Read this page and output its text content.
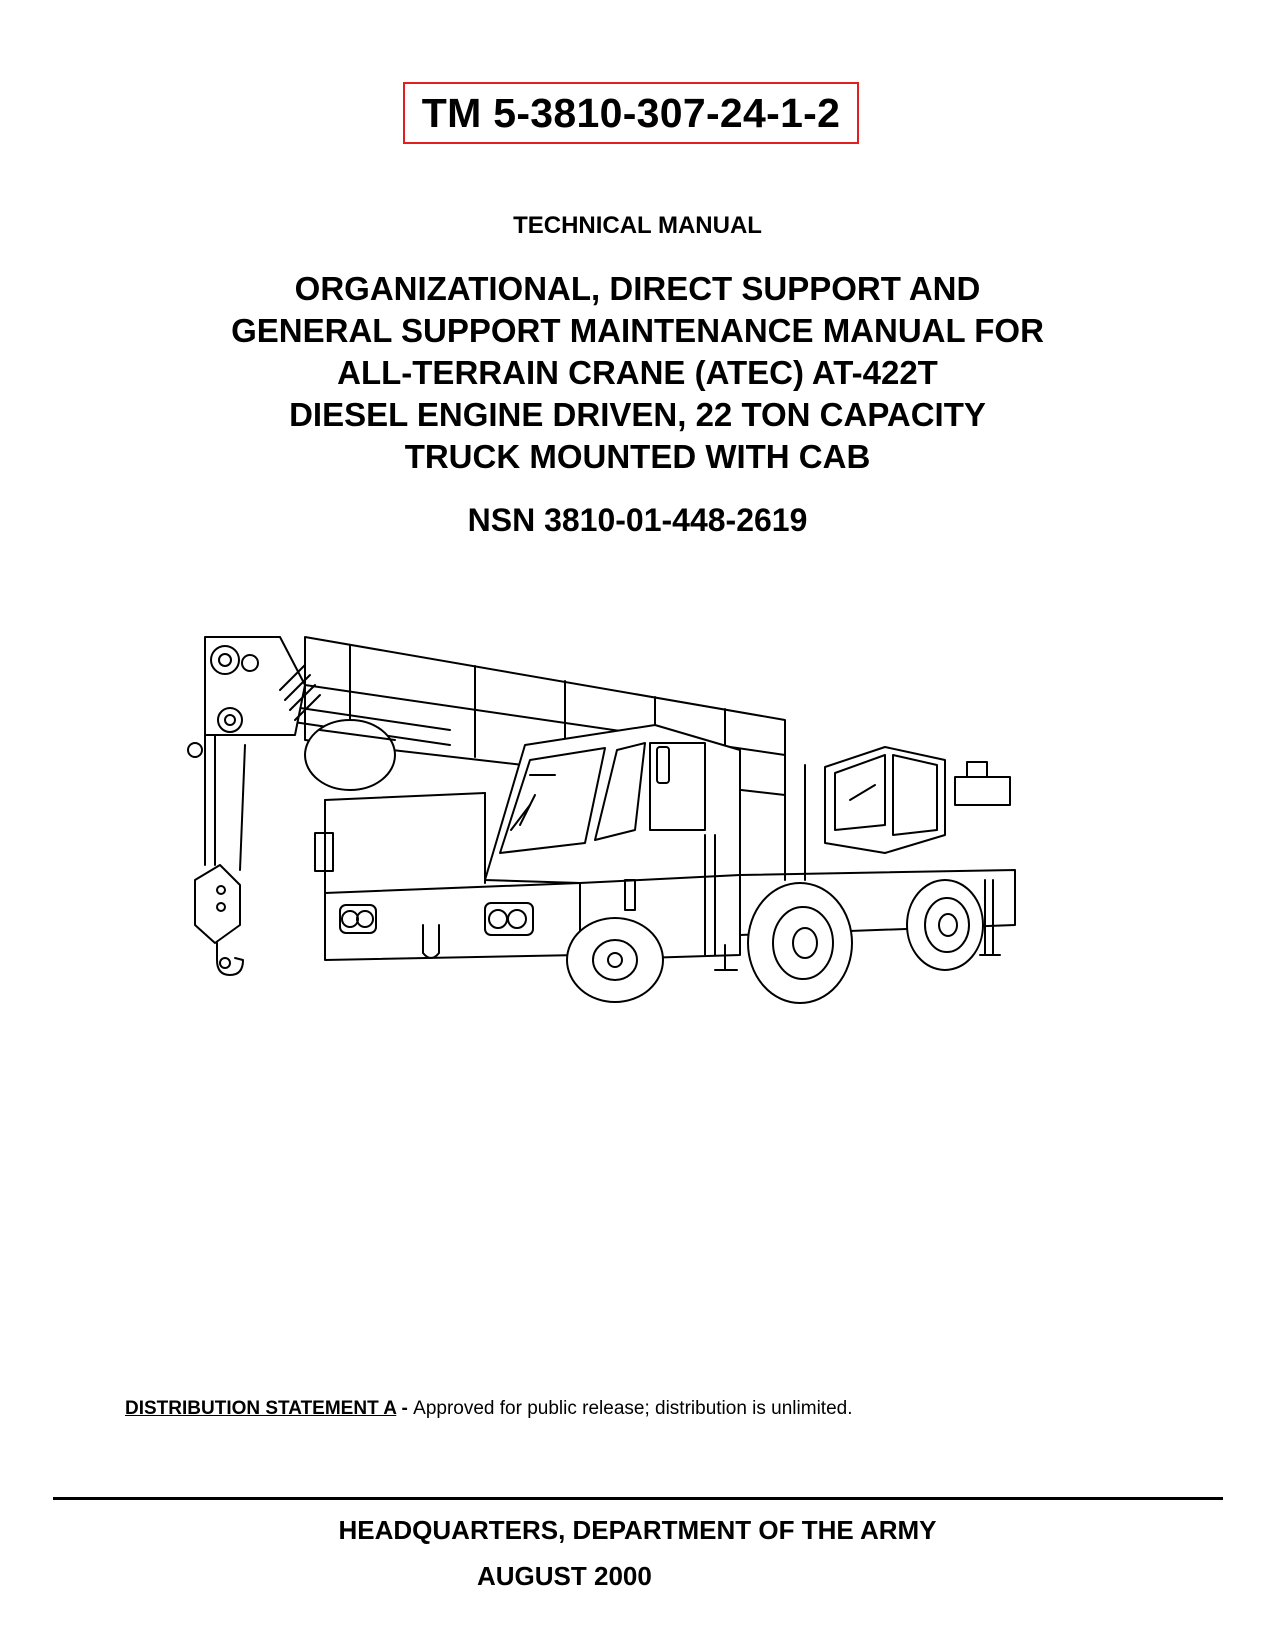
TM 5-3810-307-24-1-2
TECHNICAL MANUAL
ORGANIZATIONAL, DIRECT SUPPORT AND
GENERAL SUPPORT MAINTENANCE MANUAL FOR
ALL-TERRAIN CRANE (ATEC) AT-422T
DIESEL ENGINE DRIVEN, 22 TON CAPACITY
TRUCK MOUNTED WITH CAB
NSN 3810-01-448-2619
DISTRIBUTION STATEMENT A - Approved for public release; distribution is unlimited.
HEADQUARTERS, DEPARTMENT OF THE ARMY
AUGUST 2000
